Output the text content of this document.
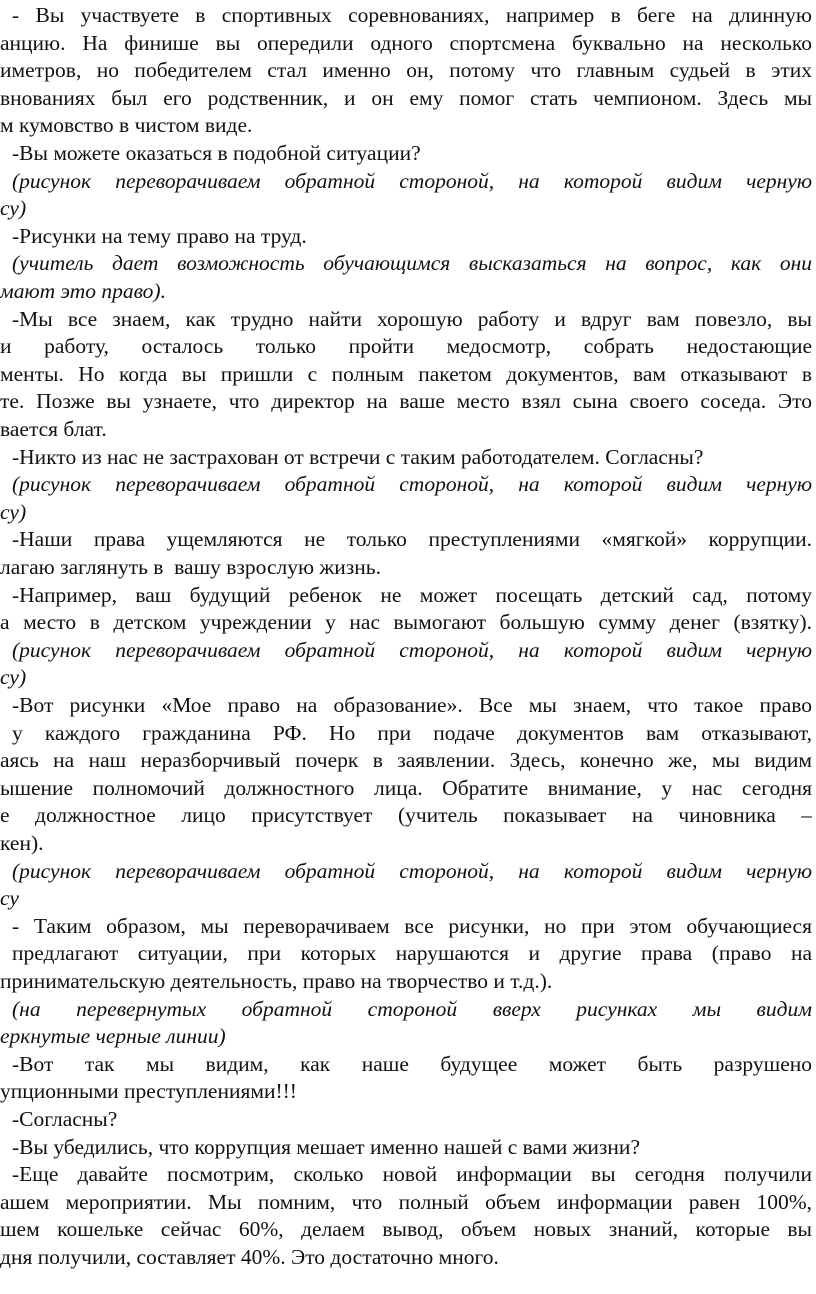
- Вы участвуете в спортивных соревнованиях, например в беге на длинную
анцию. На финише вы опередили одного спортсмена буквально на несколько
иметров, но победителем стал именно он, потому что главным судьей в этих
внованиях был его родственник, и он ему помог стать чемпионом. Здесь мы
м кумовство в чистом виде.
-Вы можете оказаться в подобной ситуации?
(рисунок переворачиваем обратной стороной, на которой видим черную
су)
-Рисунки на тему право на труд.
(учитель дает возможность обучающимся высказаться на вопрос, как они
мают это право).
-Мы все знаем, как трудно найти хорошую работу и вдруг вам повезло, вы
и работу, осталось только пройти медосмотр, собрать недостающие
менты. Но когда вы пришли с полным пакетом документов, вам отказывают в
те. Позже вы узнаете, что директор на ваше место взял сына своего соседа. Это
вается блат.
-Никто из нас не застрахован от встречи с таким работодателем. Согласны?
(рисунок переворачиваем обратной стороной, на которой видим черную
су)
-Наши права ущемляются не только преступлениями «мягкой» коррупции.
лагаю заглянуть в  вашу взрослую жизнь.
-Например, ваш будущий ребенок не может посещать детский сад, потому
а место в детском учреждении у нас вымогают большую сумму денег (взятку).
(рисунок переворачиваем обратной стороной, на которой видим черную
су)
-Вот рисунки «Мое право на образование». Все мы знаем, что такое право
у каждого гражданина РФ. Но при подаче документов вам отказывают,
аясь на наш неразборчивый почерк в заявлении. Здесь, конечно же, мы видим
ышение полномочий должностного лица. Обратите внимание, у нас сегодня
е должностное лицо присутствует (учитель показывает на чиновника –
кен).
(рисунок переворачиваем обратной стороной, на которой видим черную
су
- Таким образом, мы переворачиваем все рисунки, но при этом обучающиеся
предлагают ситуации, при которых нарушаются и другие права (право на
принимательскую деятельность, право на творчество и т.д.).
(на перевернутых обратной стороной вверх рисунках мы видим
еркнутые черные линии)
-Вот так мы видим, как наше будущее может быть разрушено
упционными преступлениями!!!
-Согласны?
-Вы убедились, что коррупция мешает именно нашей с вами жизни?
-Еще давайте посмотрим, сколько новой информации вы сегодня получили
ашем мероприятии. Мы помним, что полный объем информации равен 100%,
шем кошельке сейчас 60%, делаем вывод, объем новых знаний, которые вы
дня получили, составляет 40%. Это достаточно много.
